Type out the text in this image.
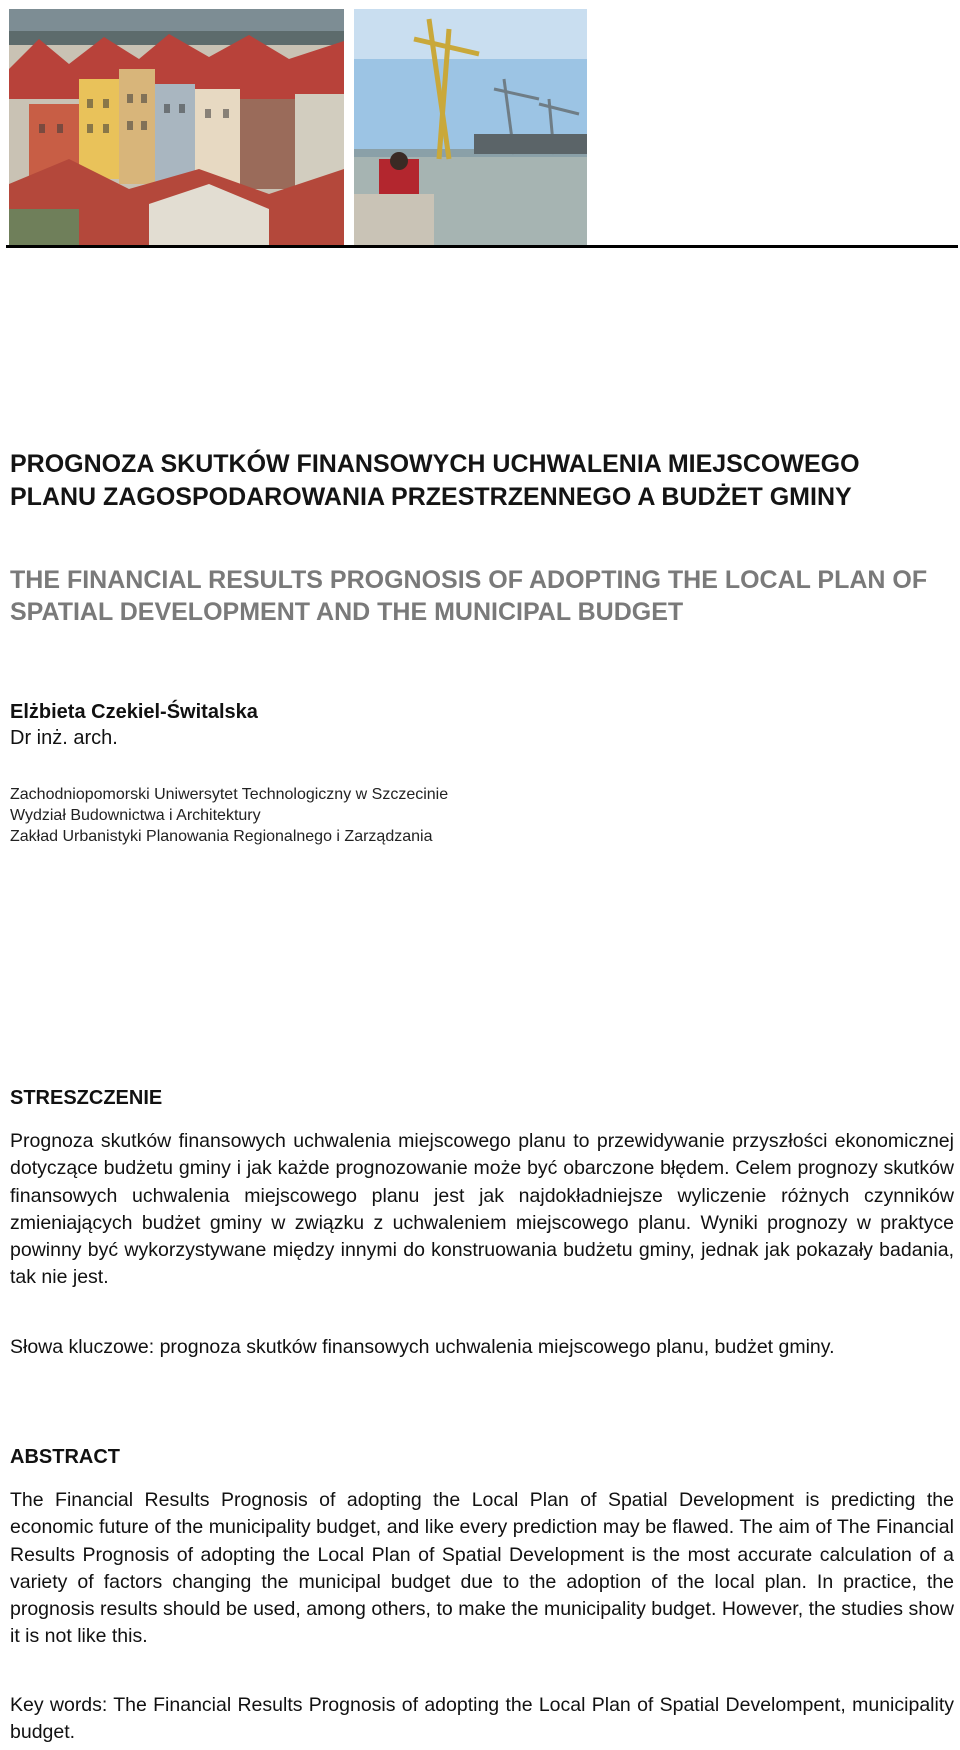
PROGNOZA SKUTKÓW FINANSOWYCH UCHWALENIA MIEJSCOWEGO PLANU ZAGOSPODAROWANIA PRZESTRZENNEGO A BUDŻET GMINY
THE FINANCIAL RESULTS PROGNOSIS OF ADOPTING THE LOCAL PLAN OF SPATIAL DEVELOPMENT AND THE MUNICIPAL BUDGET
Elżbieta Czekiel-Świtalska
Dr inż. arch.
Zachodniopomorski Uniwersytet Technologiczny w Szczecinie
Wydział Budownictwa i Architektury
Zakład Urbanistyki Planowania Regionalnego i Zarządzania
STRESZCZENIE

Prognoza skutków finansowych uchwalenia miejscowego planu to przewidywanie przyszłości ekonomicznej dotyczące budżetu gminy i jak każde prognozowanie może być obarczone błędem. Celem prognozy skutków finansowych uchwalenia miejscowego planu jest jak najdokładniejsze wyliczenie różnych czynników zmieniających budżet gminy w związku z uchwaleniem miejscowego planu. Wyniki prognozy w praktyce powinny być wykorzystywane między innymi do konstruowania budżetu gminy, jednak jak pokazały badania, tak nie jest.

Słowa kluczowe: prognoza skutków finansowych uchwalenia miejscowego planu, budżet gminy.

ABSTRACT

The Financial Results Prognosis of adopting the Local Plan of Spatial Development is predicting the economic future of the municipality budget, and like every prediction may be flawed. The aim of The Financial Results Prognosis of adopting the Local Plan of Spatial Development is the most accurate calculation of a variety of factors changing the municipal budget due to the adoption of the local plan. In practice, the prognosis results should be used, among others, to make the municipality budget. However, the studies show it is not like this.

Key words: The Financial Results Prognosis of adopting the Local Plan of Spatial Develompent, municipality budget.
